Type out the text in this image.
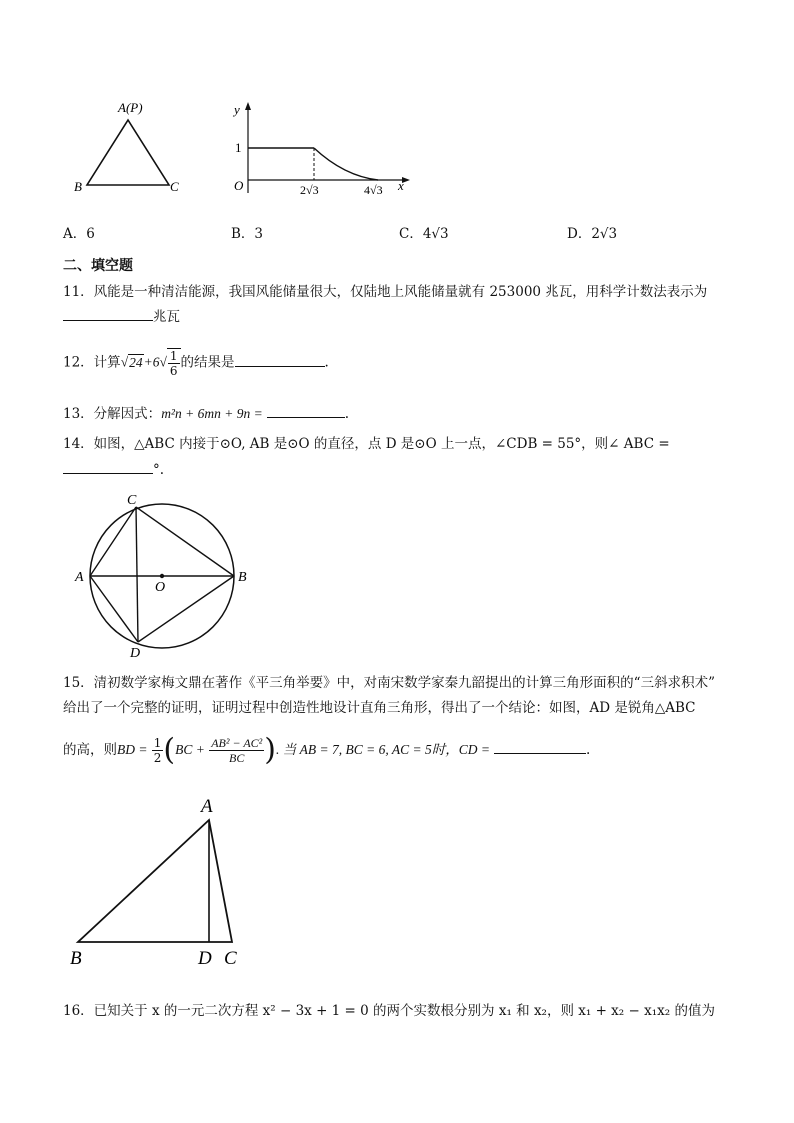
A(P)
B	C
y
1
O	2√3	4√3 x
A．6	B．3	C．4√3	D．2√3
二、填空题
11．风能是一种清洁能源，我国风能储量很大，仅陆地上风能储量就有 253000 兆瓦，用科学计数法表示为
兆瓦
12．计算$√24+6√ \frac{1}{6}$ 的结果是	.
13．分解因式：m²n + 6mn + 9n =	.
14．如图，△ABC 内接于⊙O, AB 是⊙O 的直径，点 D 是⊙O 上一点，∠CDB = 55°，则∠ ABC =
°.
C
A
O
B
D
15．清初数学家梅文鼎在著作《平三角举要》中，对南宋数学家秦九韶提出的计算三角形面积的“三斜求积术”
给出了一个完整的证明，证明过程中创造性地设计直角三角形，得出了一个结论：如图，AD 是锐角△ABC
的高，则BD = $\frac{1}{2} (BC + \frac{\text{AB² − AC²}}{BC}$ ). 当 AB = 7, BC = 6, AC = 5时，CD =	.
A
B	D C
16．已知关于 x 的一元二次方程 x² − 3x + 1 = 0 的两个实数根分别为 x₁ 和 x₂，则 x₁ + x₂ − x₁x₂ 的值为
